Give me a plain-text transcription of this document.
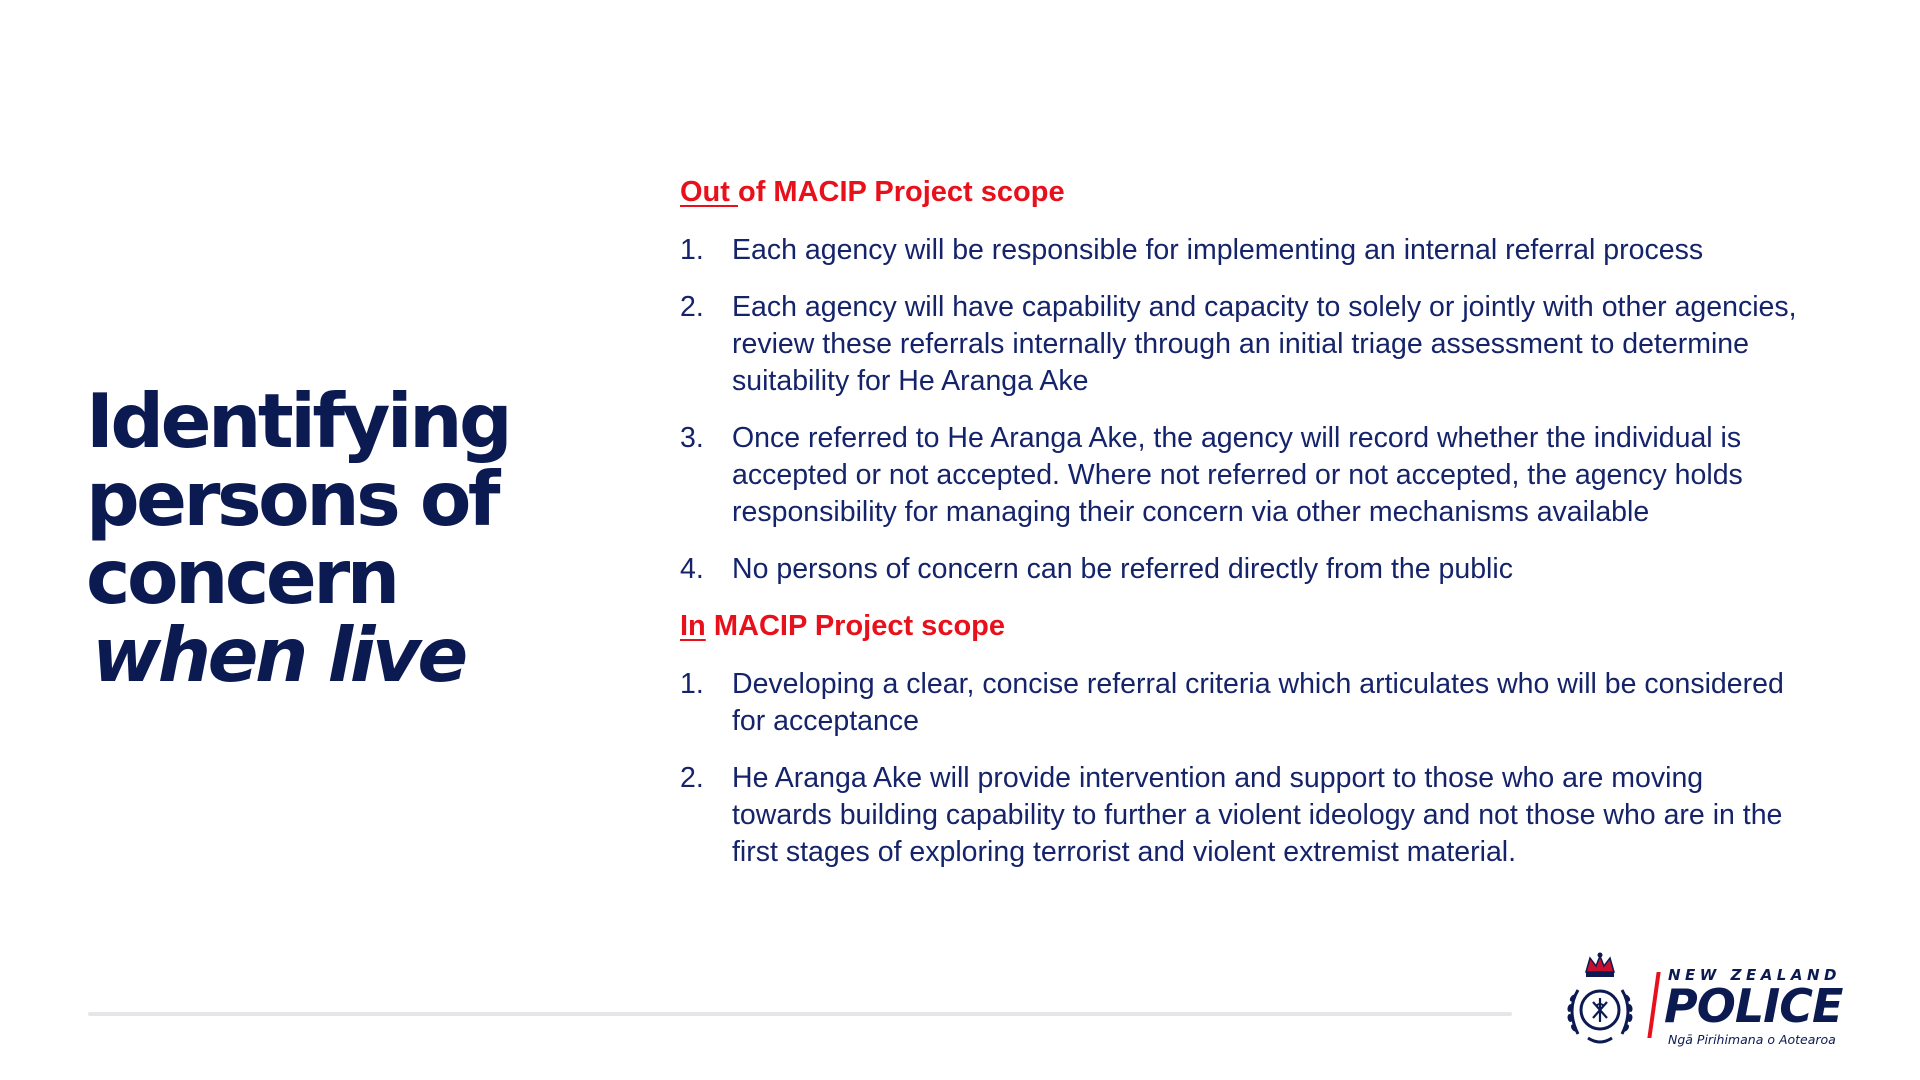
Identifying
persons of
concern
when live
Out of MACIP Project scope
1. Each agency will be responsible for implementing an internal referral process
2. Each agency will have capability and capacity to solely or jointly with other agencies, review these referrals internally through an initial triage assessment to determine suitability for He Aranga Ake
3. Once referred to He Aranga Ake, the agency will record whether the individual is accepted or not accepted. Where not referred or not accepted, the agency holds responsibility for managing their concern via other mechanisms available
4. No persons of concern can be referred directly from the public
In MACIP Project scope
1. Developing a clear, concise referral criteria which articulates who will be considered for acceptance
2. He Aranga Ake will provide intervention and support to those who are moving towards building capability to further a violent ideology and not those who are in the first stages of exploring terrorist and violent extremist material.
NEW ZEALAND
POLICE
Ngā Pirihimana o Aotearoa
